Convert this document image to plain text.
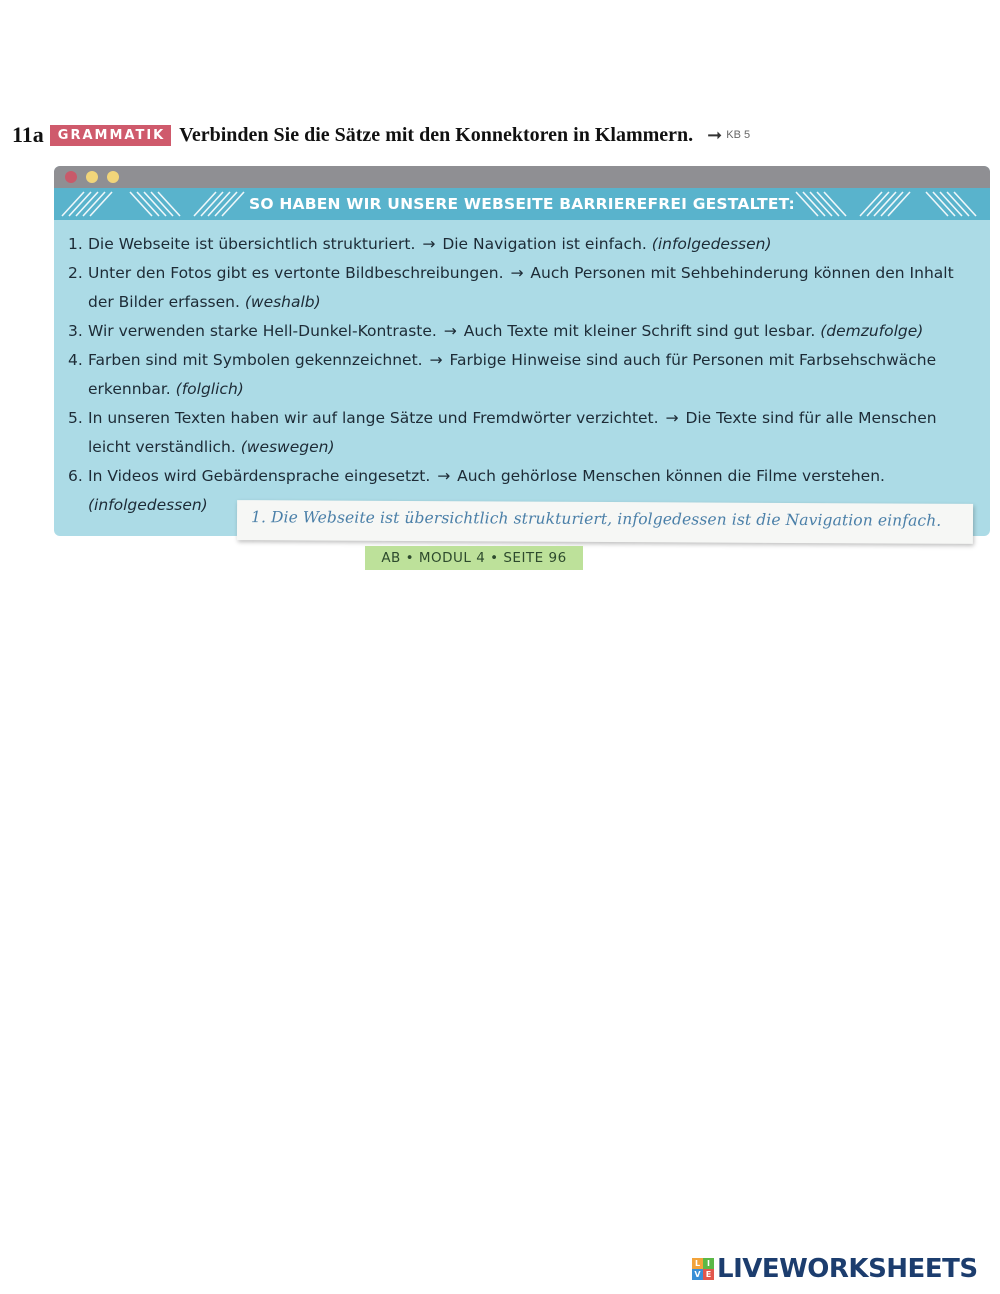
11a	GRAMMATIK Verbinden Sie die Sätze mit den Konnektoren in Klammern. ➞ KB 5
SO HABEN WIR UNSERE WEBSEITE BARRIEREFREI GESTALTET:
1. Die Webseite ist übersichtlich strukturiert. → Die Navigation ist einfach. (infolgedessen)
2. Unter den Fotos gibt es vertonte Bildbeschreibungen. → Auch Personen mit Sehbehinderung können den Inhalt der Bilder erfassen. (weshalb)
3. Wir verwenden starke Hell-Dunkel-Kontraste. → Auch Texte mit kleiner Schrift sind gut lesbar. (demzufolge)
4. Farben sind mit Symbolen gekennzeichnet. → Farbige Hinweise sind auch für Personen mit Farbsehschwäche erkennbar. (folglich)
5. In unseren Texten haben wir auf lange Sätze und Fremdwörter verzichtet. → Die Texte sind für alle Menschen leicht verständlich. (weswegen)
6. In Videos wird Gebärdensprache eingesetzt. → Auch gehörlose Menschen können die Filme verstehen. (infolgedessen)
1. Die Webseite ist übersichtlich strukturiert, infolgedessen ist die Navigation einfach.
AB • MODUL 4 • SEITE 96
L I
V E LIVEWORKSHEETS
